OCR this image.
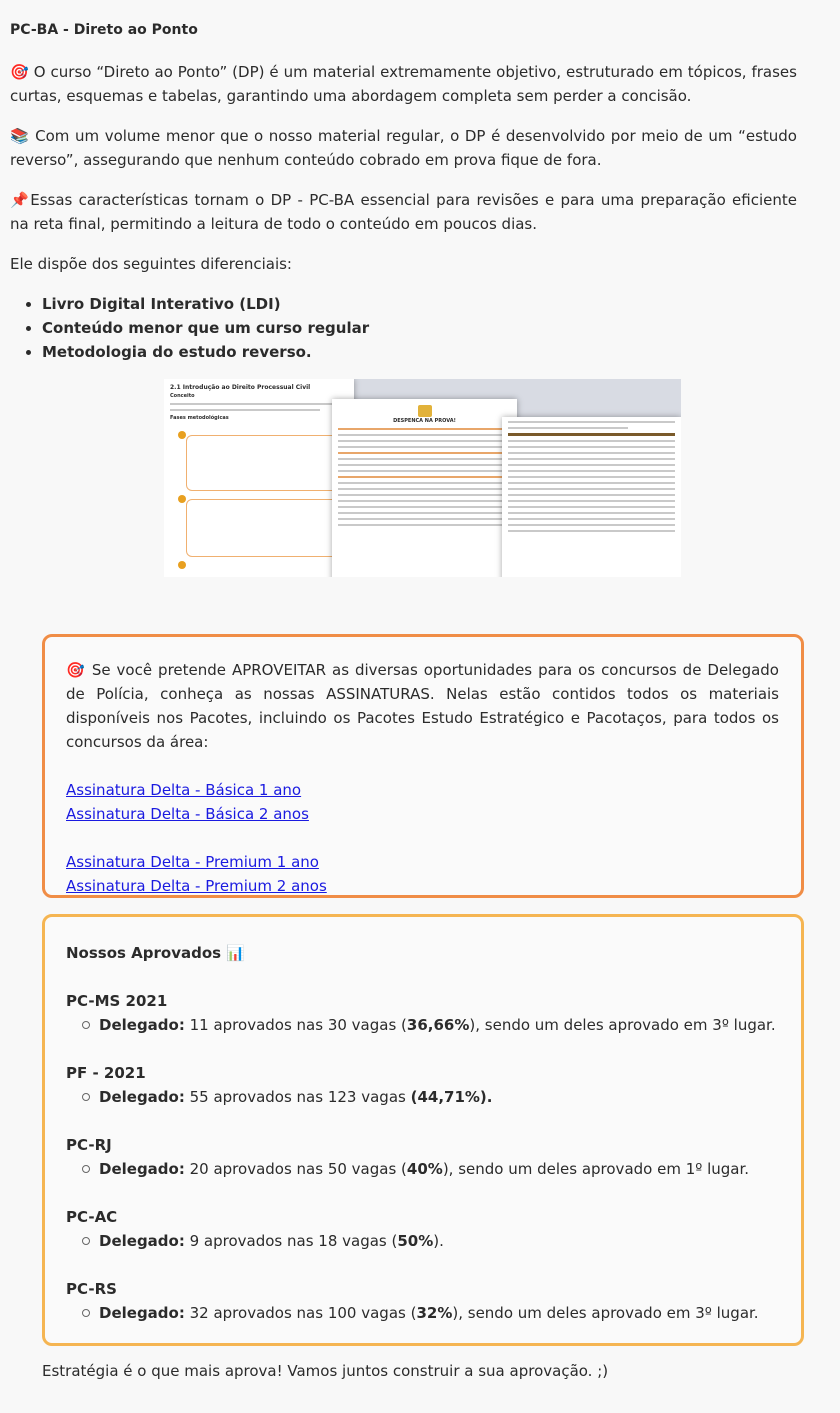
PC-BA - Direto ao Ponto

🎯 O curso “Direto ao Ponto” (DP) é um material extremamente objetivo, estruturado em tópicos, frases curtas, esquemas e tabelas, garantindo uma abordagem completa sem perder a concisão.

📚 Com um volume menor que o nosso material regular, o DP é desenvolvido por meio de um “estudo reverso”, assegurando que nenhum conteúdo cobrado em prova fique de fora.

📌Essas características tornam o DP - PC-BA essencial para revisões e para uma preparação eficiente na reta final, permitindo a leitura de todo o conteúdo em poucos dias.

Ele dispõe dos seguintes diferenciais:

• Livro Digital Interativo (LDI)
• Conteúdo menor que um curso regular
• Metodologia do estudo reverso.
2.1 Introdução ao Direito Processual Civil
Conceito
Fases metodológicas	DESPENCA NA PROVA!

🎯 Se você pretende APROVEITAR as diversas oportunidades para os concursos de Delegado de Polícia, conheça as nossas ASSINATURAS. Nelas estão contidos todos os materiais disponíveis nos Pacotes, incluindo os Pacotes Estudo Estratégico e Pacotaços, para todos os concursos da área:

Assinatura Delta - Básica 1 ano
Assinatura Delta - Básica 2 anos
Assinatura Delta - Premium 1 ano
Assinatura Delta - Premium 2 anos
Nossos Aprovados 📊
PC-MS 2021
Delegado: 11 aprovados nas 30 vagas (36,66%), sendo um deles aprovado em 3º lugar.
PF - 2021
Delegado: 55 aprovados nas 123 vagas (44,71%).
PC-RJ
Delegado: 20 aprovados nas 50 vagas (40%), sendo um deles aprovado em 1º lugar.
PC-AC
Delegado: 9 aprovados nas 18 vagas (50%).
PC-RS
Delegado: 32 aprovados nas 100 vagas (32%), sendo um deles aprovado em 3º lugar.
Estratégia é o que mais aprova! Vamos juntos construir a sua aprovação. ;)
